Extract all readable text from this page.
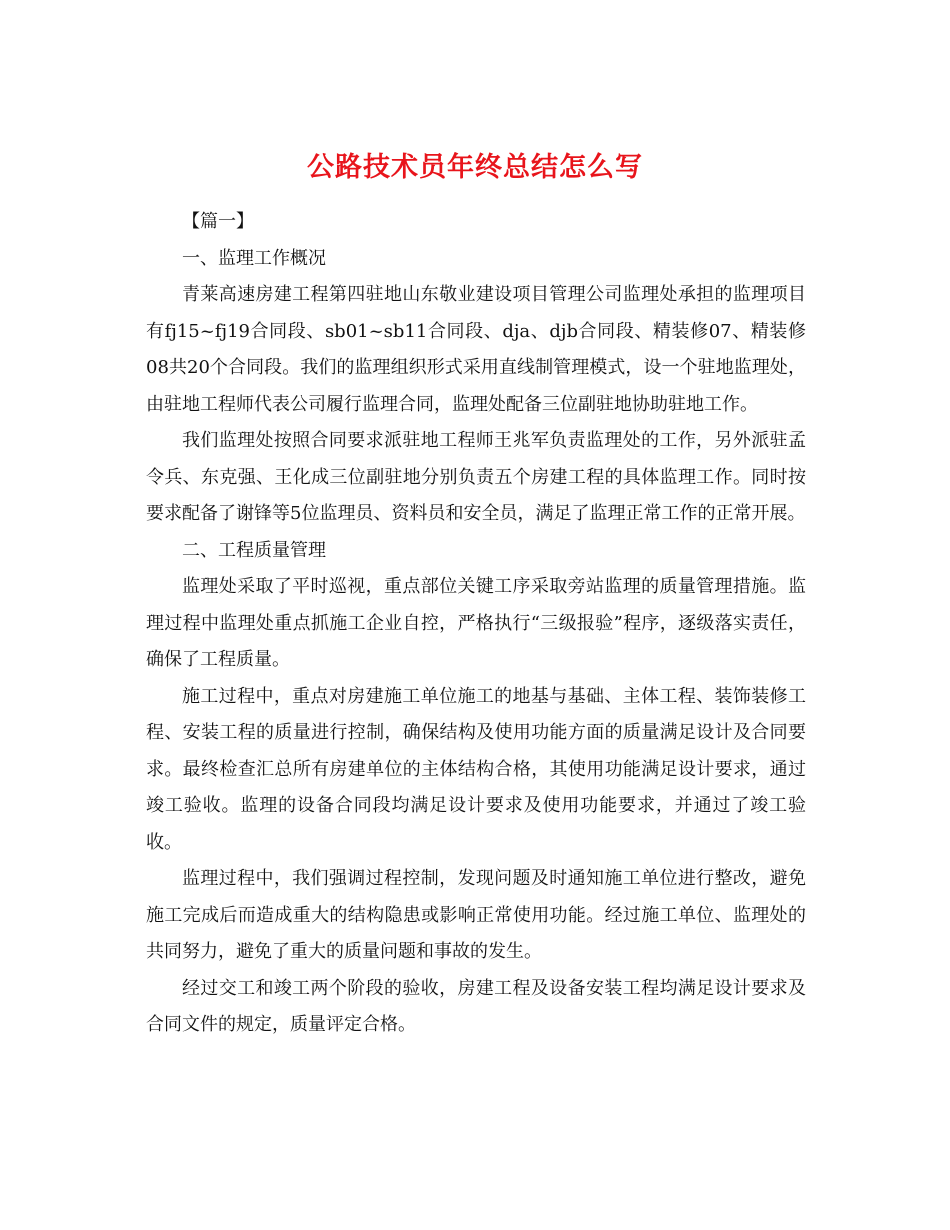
公路技术员年终总结怎么写

【篇一】

一、监理工作概况

青莱高速房建工程第四驻地山东敬业建设项目管理公司监理处承担的监理项目有fj15~fj19合同段、sb01~sb11合同段、dja、djb合同段、精装修07、精装修08共20个合同段。我们的监理组织形式采用直线制管理模式，设一个驻地监理处，由驻地工程师代表公司履行监理合同，监理处配备三位副驻地协助驻地工作。

我们监理处按照合同要求派驻地工程师王兆军负责监理处的工作，另外派驻孟令兵、东克强、王化成三位副驻地分别负责五个房建工程的具体监理工作。同时按要求配备了谢锋等5位监理员、资料员和安全员，满足了监理正常工作的正常开展。

二、工程质量管理

监理处采取了平时巡视，重点部位关键工序采取旁站监理的质量管理措施。监理过程中监理处重点抓施工企业自控，严格执行“三级报验”程序，逐级落实责任，确保了工程质量。

施工过程中，重点对房建施工单位施工的地基与基础、主体工程、装饰装修工程、安装工程的质量进行控制，确保结构及使用功能方面的质量满足设计及合同要求。最终检查汇总所有房建单位的主体结构合格，其使用功能满足设计要求，通过竣工验收。监理的设备合同段均满足设计要求及使用功能要求，并通过了竣工验收。

监理过程中，我们强调过程控制，发现问题及时通知施工单位进行整改，避免施工完成后而造成重大的结构隐患或影响正常使用功能。经过施工单位、监理处的共同努力，避免了重大的质量问题和事故的发生。

经过交工和竣工两个阶段的验收，房建工程及设备安装工程均满足设计要求及合同文件的规定，质量评定合格。
